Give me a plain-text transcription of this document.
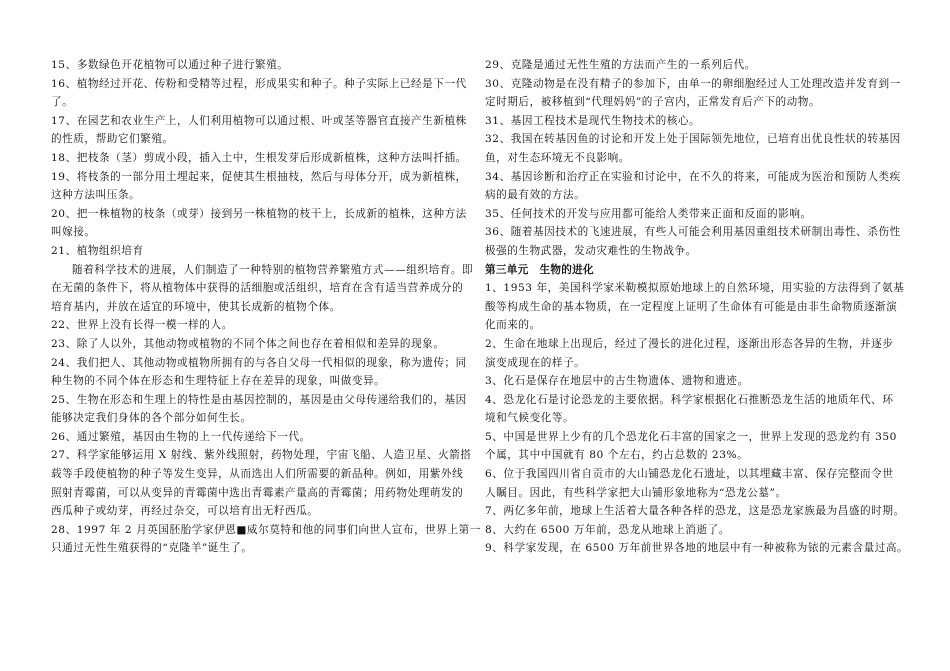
15、多数绿色开花植物可以通过种子进行繁殖。
16、植物经过开花、传粉和受精等过程，形成果实和种子。种子实际上已经是下一代
了。
17、在园艺和农业生产上，人们利用植物可以通过根、叶或茎等器官直接产生新植株
的性质，帮助它们繁殖。
18、把枝条（茎）剪成小段，插入土中，生根发芽后形成新植株，这种方法叫扦插。
19、将枝条的一部分用土埋起来，促使其生根抽枝，然后与母体分开，成为新植株，
这种方法叫压条。
20、把一株植物的枝条（或芽）接到另一株植物的枝干上，长成新的植株，这种方法
叫嫁接。
21、植物组织培育
随着科学技术的进展，人们制造了一种特别的植物营养繁殖方式——组织培育。即
在无菌的条件下，将从植物体中获得的活细胞或活组织，培育在含有适当营养成分的
培育基内，并放在适宜的环境中，使其长成新的植物个体。
22、世界上没有长得一模一样的人。
23、除了人以外，其他动物或植物的不同个体之间也存在着相似和差异的现象。
24、我们把人、其他动物或植物所拥有的与各自父母一代相似的现象，称为遗传；同
种生物的不同个体在形态和生理特征上存在差异的现象，叫做变异。
25、生物在形态和生理上的特性是由基因控制的，基因是由父母传递给我们的，基因
能够决定我们身体的各个部分如何生长。
26、通过繁殖，基因由生物的上一代传递给下一代。
27、科学家能够运用 X 射线、紫外线照射，药物处理，宇宙飞船、人造卫星、火箭搭
载等手段使植物的种子等发生变异，从而选出人们所需要的新品种。例如，用紫外线
照射青霉菌，可以从变异的青霉菌中选出青霉素产量高的青霉菌；用药物处理萌发的
西瓜种子或幼芽，再经过杂交，可以培育出无籽西瓜。
28、1997 年 2 月英国胚胎学家伊恩■威尔莫特和他的同事们向世人宣布，世界上第一
只通过无性生殖获得的“克隆羊”诞生了。
29、克隆是通过无性生殖的方法而产生的一系列后代。
30、克隆动物是在没有精子的参加下，由单一的卵细胞经过人工处理改造并发育到一
定时期后，被移植到“代理妈妈”的子宫内，正常发育后产下的动物。
31、基因工程技术是现代生物技术的核心。
32、我国在转基因鱼的讨论和开发上处于国际领先地位，已培育出优良性状的转基因
鱼，对生态环境无不良影响。
34、基因诊断和治疗正在实验和讨论中，在不久的将来，可能成为医治和预防人类疾
病的最有效的方法。
35、任何技术的开发与应用都可能给人类带来正面和反面的影响。
36、随着基因技术的飞速进展，有些人可能会利用基因重组技术研制出毒性、杀伤性
极强的生物武器，发动灾难性的生物战争。
第三单元　生物的进化
1、1953 年，美国科学家米勒模拟原始地球上的自然环境，用实验的方法得到了氨基
酸等构成生命的基本物质，在一定程度上证明了生命体有可能是由非生命物质逐渐演
化而来的。
2、生命在地球上出现后，经过了漫长的进化过程，逐渐出形态各异的生物，并逐步
演变成现在的样子。
3、化石是保存在地层中的古生物遗体、遗物和遗迹。
4、恐龙化石是讨论恐龙的主要依据。科学家根据化石推断恐龙生活的地质年代、环
境和气候变化等。
5、中国是世界上少有的几个恐龙化石丰富的国家之一，世界上发现的恐龙约有 350
个属，其中中国就有 80 个左右，约占总数的 23%。
6、位于我国四川省自贡市的大山铺恐龙化石遗址，以其埋藏丰富、保存完整而令世
人瞩目。因此，有些科学家把大山铺形象地称为“恐龙公墓”。
7、两亿多年前，地球上生活着大量各种各样的恐龙，这是恐龙家族最为昌盛的时期。
8、大约在 6500 万年前，恐龙从地球上消逝了。
9、科学家发现，在 6500 万年前世界各地的地层中有一种被称为铱的元素含量过高。
